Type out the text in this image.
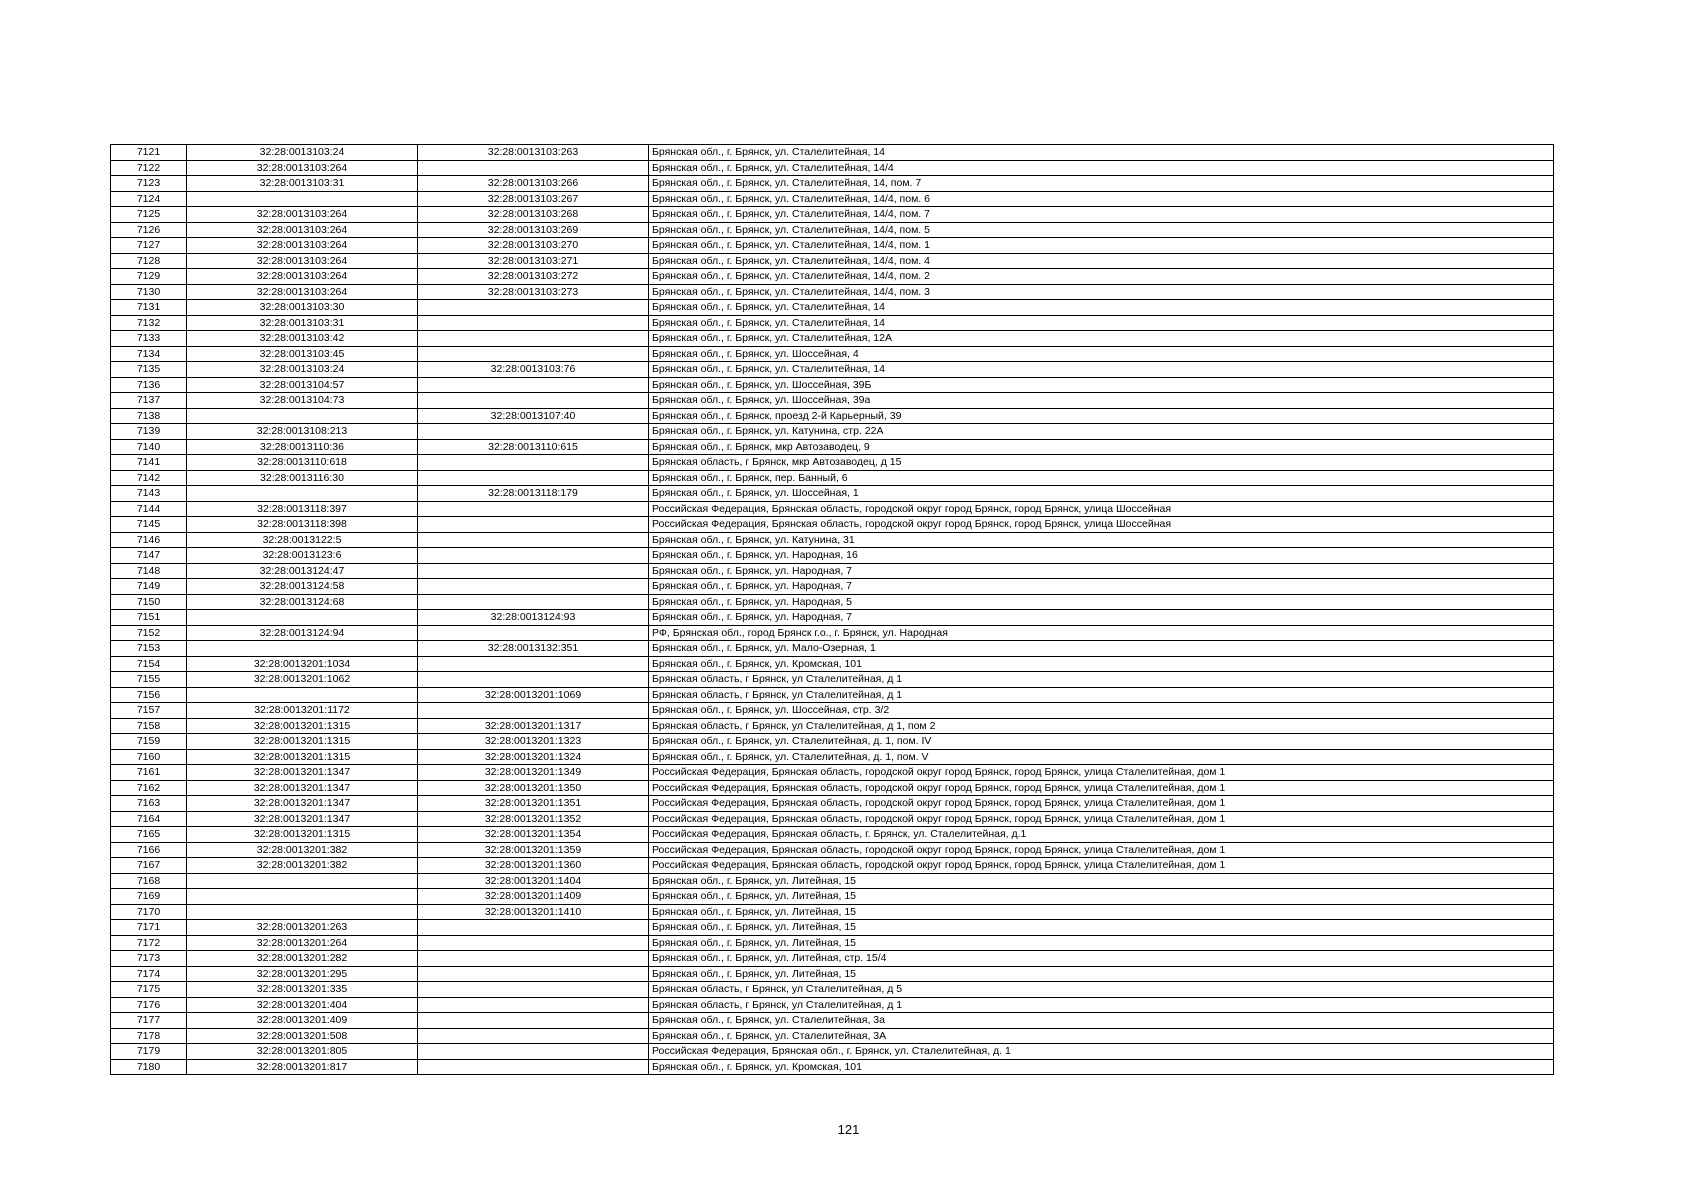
7121	32:28:0013103:24	32:28:0013103:263	Брянская обл., г. Брянск, ул. Сталелитейная, 14
7122	32:28:0013103:264		Брянская обл., г. Брянск, ул. Сталелитейная, 14/4
7123	32:28:0013103:31	32:28:0013103:266	Брянская обл., г. Брянск, ул. Сталелитейная, 14, пом. 7
7124		32:28:0013103:267	Брянская обл., г. Брянск, ул. Сталелитейная, 14/4, пом. 6
7125	32:28:0013103:264	32:28:0013103:268	Брянская обл., г. Брянск, ул. Сталелитейная, 14/4, пом. 7
7126	32:28:0013103:264	32:28:0013103:269	Брянская обл., г. Брянск, ул. Сталелитейная, 14/4, пом. 5
7127	32:28:0013103:264	32:28:0013103:270	Брянская обл., г. Брянск, ул. Сталелитейная, 14/4, пом. 1
7128	32:28:0013103:264	32:28:0013103:271	Брянская обл., г. Брянск, ул. Сталелитейная, 14/4, пом. 4
7129	32:28:0013103:264	32:28:0013103:272	Брянская обл., г. Брянск, ул. Сталелитейная, 14/4, пом. 2
7130	32:28:0013103:264	32:28:0013103:273	Брянская обл., г. Брянск, ул. Сталелитейная, 14/4, пом. 3
7131	32:28:0013103:30		Брянская обл., г. Брянск, ул. Сталелитейная, 14
7132	32:28:0013103:31		Брянская обл., г. Брянск, ул. Сталелитейная, 14
7133	32:28:0013103:42		Брянская обл., г. Брянск, ул. Сталелитейная, 12А
7134	32:28:0013103:45		Брянская обл., г. Брянск, ул. Шоссейная, 4
7135	32:28:0013103:24	32:28:0013103:76	Брянская обл., г. Брянск, ул. Сталелитейная, 14
7136	32:28:0013104:57		Брянская обл., г. Брянск, ул. Шоссейная, 39Б
7137	32:28:0013104:73		Брянская обл., г. Брянск, ул. Шоссейная, 39а
7138		32:28:0013107:40	Брянская обл., г. Брянск, проезд 2-й Карьерный, 39
7139	32:28:0013108:213		Брянская обл., г. Брянск, ул. Катунина, стр. 22А
7140	32:28:0013110:36	32:28:0013110:615	Брянская обл., г. Брянск, мкр Автозаводец, 9
7141	32:28:0013110:618		Брянская область, г Брянск, мкр Автозаводец, д 15
7142	32:28:0013116:30		Брянская обл., г. Брянск, пер. Банный, 6
7143		32:28:0013118:179	Брянская обл., г. Брянск, ул. Шоссейная, 1
7144	32:28:0013118:397		Российская Федерация, Брянская область, городской округ город Брянск, город Брянск, улица Шоссейная
7145	32:28:0013118:398		Российская Федерация, Брянская область, городской округ город Брянск, город Брянск, улица Шоссейная
7146	32:28:0013122:5		Брянская обл., г. Брянск, ул. Катунина, 31
7147	32:28:0013123:6		Брянская обл., г. Брянск, ул. Народная, 16
7148	32:28:0013124:47		Брянская обл., г. Брянск, ул. Народная, 7
7149	32:28:0013124:58		Брянская обл., г. Брянск, ул. Народная, 7
7150	32:28:0013124:68		Брянская обл., г. Брянск, ул. Народная, 5
7151		32:28:0013124:93	Брянская обл., г. Брянск, ул. Народная, 7
7152	32:28:0013124:94		РФ, Брянская обл., город Брянск г.о., г. Брянск, ул. Народная
7153		32:28:0013132:351	Брянская обл., г. Брянск, ул. Мало-Озерная, 1
7154	32:28:0013201:1034		Брянская обл., г. Брянск, ул. Кромская, 101
7155	32:28:0013201:1062		Брянская область, г Брянск, ул Сталелитейная, д 1
7156		32:28:0013201:1069	Брянская область, г Брянск, ул Сталелитейная, д 1
7157	32:28:0013201:1172		Брянская обл., г. Брянск, ул. Шоссейная, стр. 3/2
7158	32:28:0013201:1315	32:28:0013201:1317	Брянская область, г Брянск, ул Сталелитейная, д 1, пом 2
7159	32:28:0013201:1315	32:28:0013201:1323	Брянская обл., г. Брянск, ул. Сталелитейная, д. 1, пом. IV
7160	32:28:0013201:1315	32:28:0013201:1324	Брянская обл., г. Брянск, ул. Сталелитейная, д. 1, пом. V
7161	32:28:0013201:1347	32:28:0013201:1349	Российская Федерация, Брянская область, городской округ город Брянск, город Брянск, улица Сталелитейная, дом 1
7162	32:28:0013201:1347	32:28:0013201:1350	Российская Федерация, Брянская область, городской округ город Брянск, город Брянск, улица Сталелитейная, дом 1
7163	32:28:0013201:1347	32:28:0013201:1351	Российская Федерация, Брянская область, городской округ город Брянск, город Брянск, улица Сталелитейная, дом 1
7164	32:28:0013201:1347	32:28:0013201:1352	Российская Федерация, Брянская область, городской округ город Брянск, город Брянск, улица Сталелитейная, дом 1
7165	32:28:0013201:1315	32:28:0013201:1354	Российская Федерация, Брянская область, г. Брянск, ул. Сталелитейная, д.1
7166	32:28:0013201:382	32:28:0013201:1359	Российская Федерация, Брянская область, городской округ город Брянск, город Брянск, улица Сталелитейная, дом 1
7167	32:28:0013201:382	32:28:0013201:1360	Российская Федерация, Брянская область, городской округ город Брянск, город Брянск, улица Сталелитейная, дом 1
7168		32:28:0013201:1404	Брянская обл., г. Брянск, ул. Литейная, 15
7169		32:28:0013201:1409	Брянская обл., г. Брянск, ул. Литейная, 15
7170		32:28:0013201:1410	Брянская обл., г. Брянск, ул. Литейная, 15
7171	32:28:0013201:263		Брянская обл., г. Брянск, ул. Литейная, 15
7172	32:28:0013201:264		Брянская обл., г. Брянск, ул. Литейная, 15
7173	32:28:0013201:282		Брянская обл., г. Брянск, ул. Литейная, стр. 15/4
7174	32:28:0013201:295		Брянская обл., г. Брянск, ул. Литейная, 15
7175	32:28:0013201:335		Брянская область, г Брянск, ул Сталелитейная, д 5
7176	32:28:0013201:404		Брянская область, г Брянск, ул Сталелитейная, д 1
7177	32:28:0013201:409		Брянская обл., г. Брянск, ул. Сталелитейная, 3а
7178	32:28:0013201:508		Брянская обл., г. Брянск, ул. Сталелитейная, 3А
7179	32:28:0013201:805		Российская Федерация, Брянская обл., г. Брянск, ул. Сталелитейная, д. 1
7180	32:28:0013201:817		Брянская обл., г. Брянск, ул. Кромская, 101
121
